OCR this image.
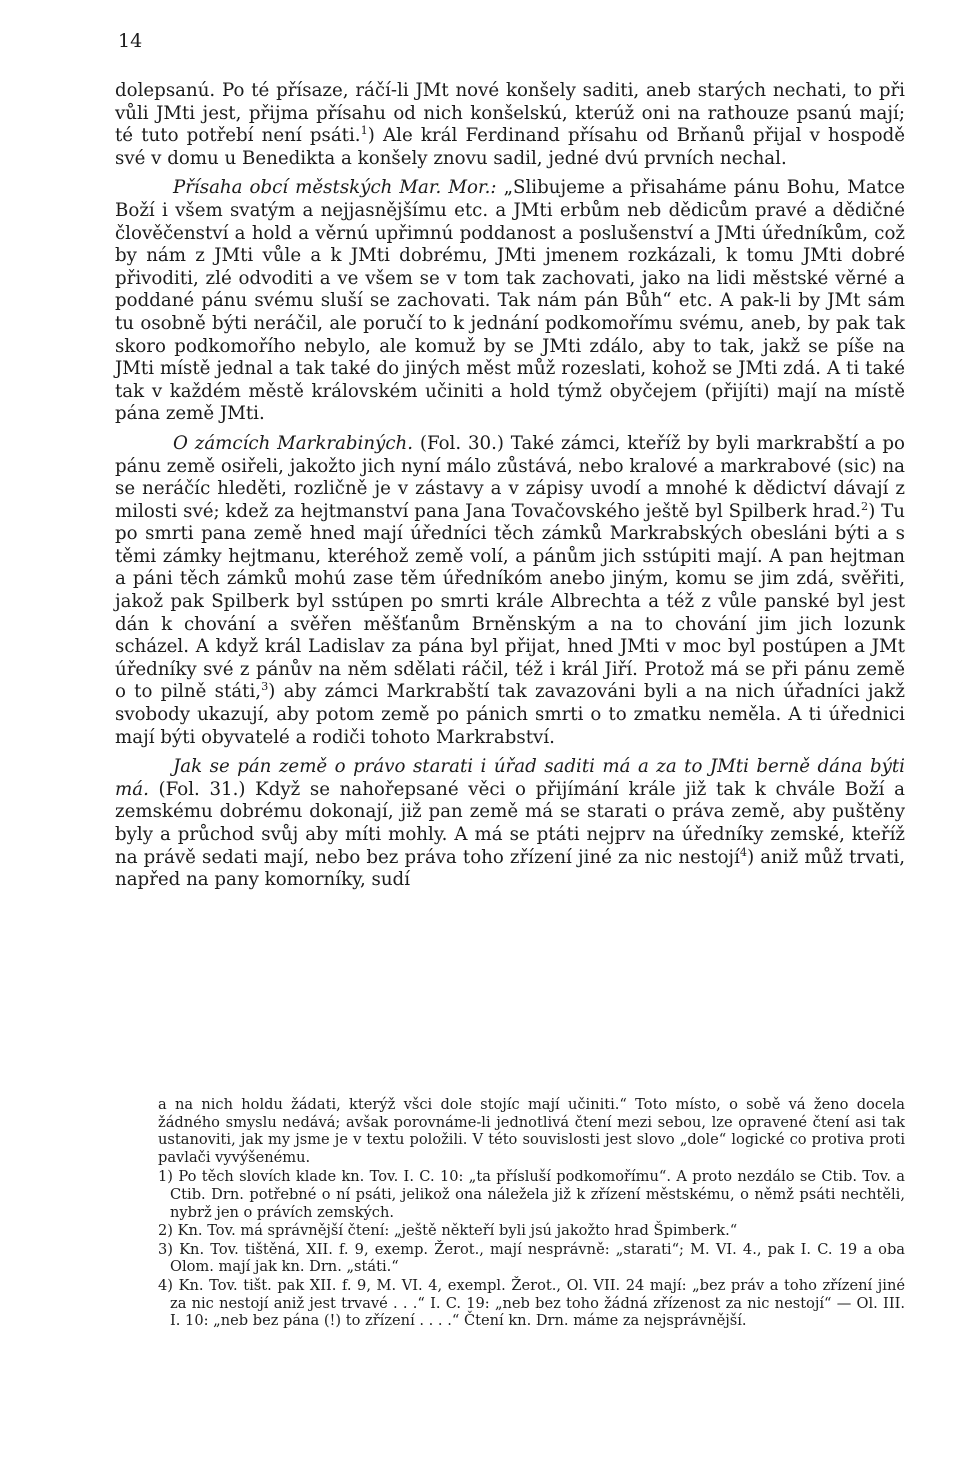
14

dolepsanú. Po té přísaze, ráčí-li JMt nové konšely saditi, aneb starých nechati, to při vůli JMti jest, přijma přísahu od nich konšelskú, kterúž oni na rathouze psanú mají; té tuto potřebí není psáti.$^1$) Ale král Ferdinand přísahu od Brňanů přijal v hospodě své v domu u Benedikta a konšely znovu sadil, jedné dvú prvních nechal.

Přísaha obcí městských Mar. Mor.: „Slibujeme a přisaháme pánu Bohu, Matce Boží i všem svatým a nejjasnějšímu etc. a JMti erbům neb dědicům pravé a dědičné člověčenství a hold a věrnú upřimnú poddanost a poslušenství a JMti úředníkům, což by nám z JMti vůle a k JMti dobrému, JMti jmenem rozkázali, k tomu JMti dobré přivoditi, zlé odvoditi a ve všem se v tom tak zachovati, jako na lidi městské věrné a poddané pánu svému sluší se zachovati. Tak nám pán Bůh“ etc. A pak-li by JMt sám tu osobně býti neráčil, ale poručí to k jednání podkomořímu svému, aneb, by pak tak skoro podkomořího nebylo, ale komuž by se JMti zdálo, aby to tak, jakž se píše na JMti místě jednal a tak také do jiných měst můž rozeslati, kohož se JMti zdá. A ti také tak v každém městě královském učiniti a hold týmž obyčejem (přijíti) mají na místě pána země JMti.

O zámcích Markrabiných. (Fol. 30.) Také zámci, kteříž by byli markrabští a po pánu země osiřeli, jakožto jich nyní málo zůstává, nebo kralové a markrabové (sic) na se neráčíc hleděti, rozličně je v zástavy a v zápisy uvodí a mnohé k dědictví dávají z milosti své; kdež za hejtmanství pana Jana Tovačovského ještě byl Spilberk hrad.$^2$) Tu po smrti pana země hned mají úředníci těch zámků Markrabských obesláni býti a s těmi zámky hejtmanu, kteréhož země volí, a pánům jich sstúpiti mají. A pan hejtman a páni těch zámků mohú zase těm úředníkóm anebo jiným, komu se jim zdá, svěřiti, jakož pak Spilberk byl sstúpen po smrti krále Albrechta a též z vůle panské byl jest dán k chování a svěřen měšťanům Brněnským a na to chování jim jich lozunk scházel. A když král Ladislav za pána byl přijat, hned JMti v moc byl postúpen a JMt úředníky své z pánův na něm sdělati ráčil, též i král Jiří. Protož má se při pánu země o to pilně státi,$^3$) aby zámci Markrabští tak zavazováni byli a na nich úřadníci jakž svobody ukazují, aby potom země po pánich smrti o to zmatku neměla. A ti úřednici mají býti obyvatelé a rodiči tohoto Markrabství.

Jak se pán země o právo starati i úřad saditi má a za to JMti berně dána býti má. (Fol. 31.) Když se nahořepsané věci o přijímání krále již tak k chvále Boží a zemskému dobrému dokonají, již pan země má se starati o práva země, aby puštěny byly a průchod svůj aby míti mohly. A má se ptáti nejprv na úředníky zemské, kteříž na právě sedati mají, nebo bez práva toho zřízení jiné za nic nestojí$^4$) aniž můž trvati, napřed na pany komorníky, sudí

a na nich holdu žádati, kterýž všci dole stojíc mají učiniti.“ Toto místo, o sobě vá ženo docela žádného smyslu nedává; avšak porovnáme-li jednotlivá čtení mezi sebou, lze opravené čtení asi tak ustanoviti, jak my jsme je v textu položili. V této souvislosti jest slovo „dole“ logické co protiva proti pavlači vyvýšenému.

1) Po těch slovích klade kn. Tov. I. C. 10: „ta přísluší podkomořímu“. A proto nezdálo se Ctib. Tov. a Ctib. Drn. potřebné o ní psáti, jelikož ona náležela již k zřízení městskému, o němž psáti nechtěli, nybrž jen o právích zemských.

2) Kn. Tov. má správnější čtení: „ještě někteří byli jsú jakožto hrad Špimberk.“

3) Kn. Tov. tištěná, XII. f. 9, exemp. Žerot., mají nesprávně: „starati“; M. VI. 4., pak I. C. 19 a oba Olom. mají jak kn. Drn. „státi.“

4) Kn. Tov. tišt. pak XII. f. 9, M. VI. 4, exempl. Žerot., Ol. VII. 24 mají: „bez práv a toho zřízení jiné za nic nestojí aniž jest trvavé . . .“ I. C. 19: „neb bez toho žádná zřízenost za nic nestojí“ — Ol. III. I. 10: „neb bez pána (!) to zřízení . . . .“ Čtení kn. Drn. máme za nejsprávnější.
